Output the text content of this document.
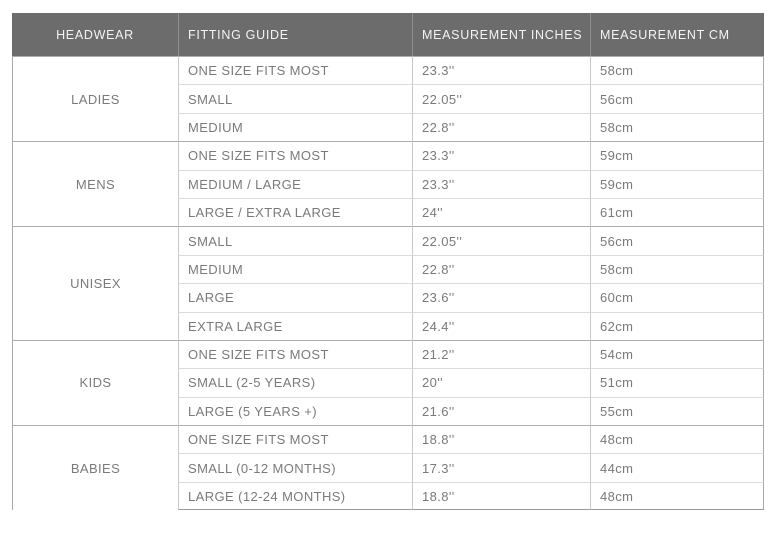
HEADWEAR	FITTING GUIDE	MEASUREMENT INCHES	MEASUREMENT CM
LADIES	ONE SIZE FITS MOST	23.3''	58cm
	SMALL	22.05''	56cm
	MEDIUM	22.8''	58cm
MENS	ONE SIZE FITS MOST	23.3''	59cm
	MEDIUM / LARGE	23.3''	59cm
	LARGE / EXTRA LARGE	24''	61cm
UNISEX	SMALL	22.05''	56cm
	MEDIUM	22.8''	58cm
	LARGE	23.6''	60cm
	EXTRA LARGE	24.4''	62cm
KIDS	ONE SIZE FITS MOST	21.2''	54cm
	SMALL (2-5 YEARS)	20''	51cm
	LARGE (5 YEARS +)	21.6''	55cm
BABIES	ONE SIZE FITS MOST	18.8''	48cm
	SMALL (0-12 MONTHS)	17.3''	44cm
	LARGE (12-24 MONTHS)	18.8''	48cm
